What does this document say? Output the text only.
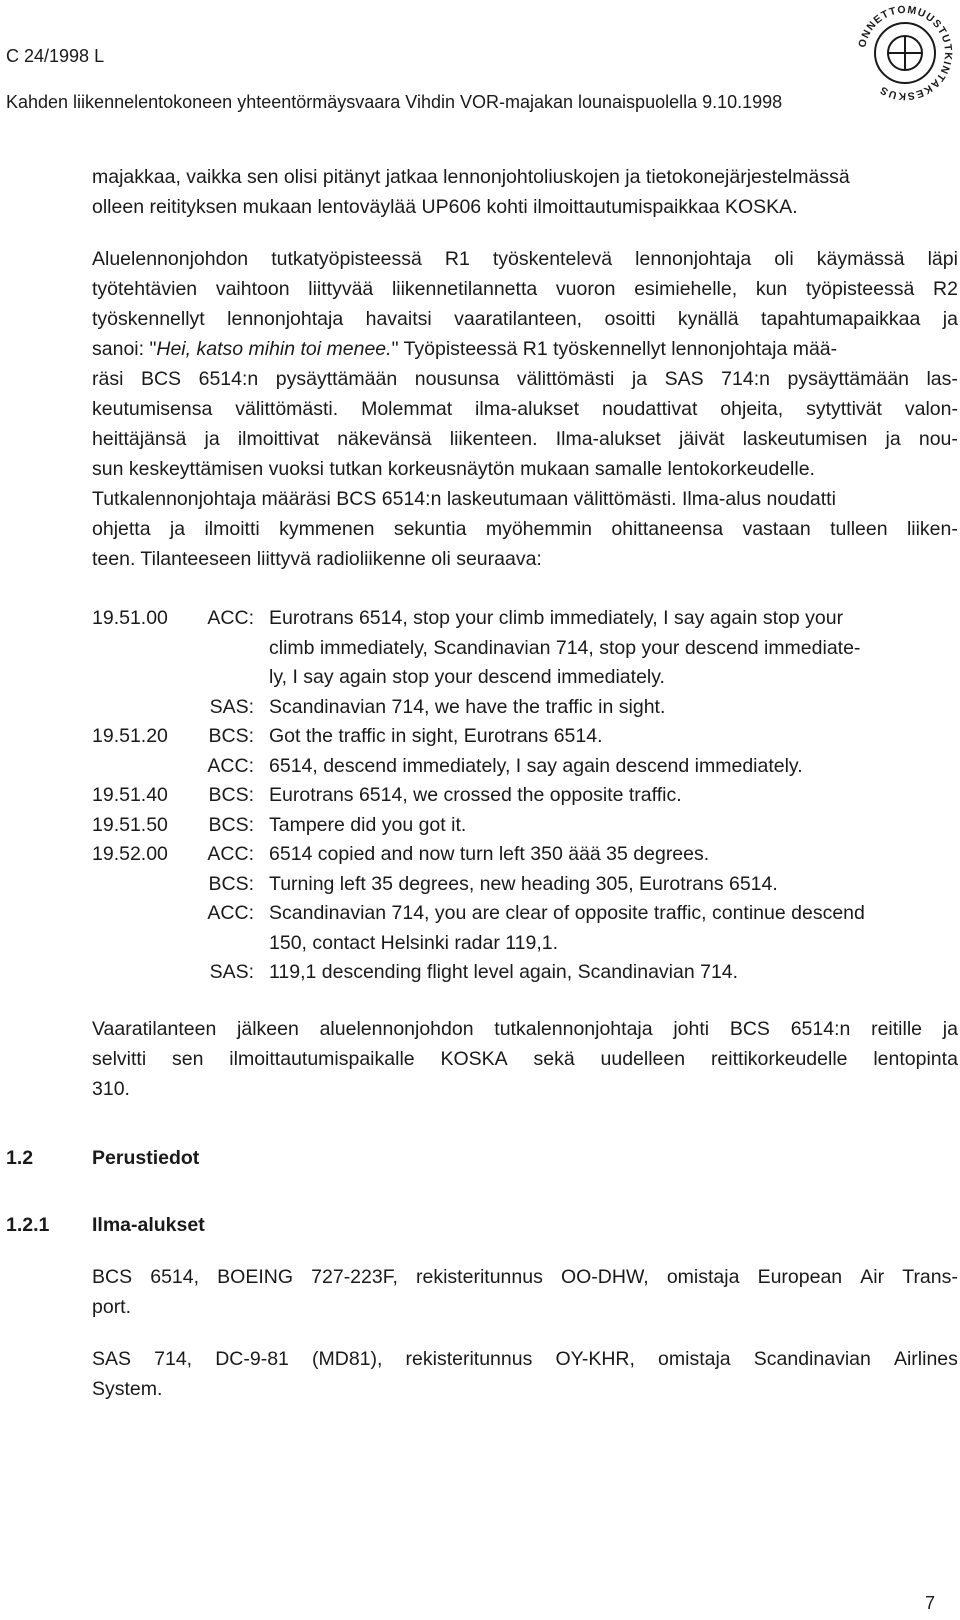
C 24/1998 L
Kahden liikennelentokoneen yhteentörmäysvaara Vihdin VOR-majakan lounaispuolella 9.10.1998
ONNETTOMUUSTUTKINTAKESKUS
majakkaa, vaikka sen olisi pitänyt jatkaa lennonjohtoliuskojen ja tietokonejärjestelmässä
olleen reitityksen mukaan lentoväylää UP606 kohti ilmoittautumispaikkaa KOSKA.
Aluelennonjohdon tutkatyöpisteessä R1 työskentelevä lennonjohtaja oli käymässä läpi
työtehtävien vaihtoon liittyvää liikennetilannetta vuoron esimiehelle, kun työpisteessä R2
työskennellyt lennonjohtaja havaitsi vaaratilanteen, osoitti kynällä tapahtumapaikkaa ja
sanoi: "Hei, katso mihin toi menee." Työpisteessä R1 työskennellyt lennonjohtaja mää-
räsi BCS 6514:n pysäyttämään nousunsa välittömästi ja SAS 714:n pysäyttämään las-
keutumisensa välittömästi. Molemmat ilma-alukset noudattivat ohjeita, sytyttivät valon-
heittäjänsä ja ilmoittivat näkevänsä liikenteen. Ilma-alukset jäivät laskeutumisen ja nou-
sun keskeyttämisen vuoksi tutkan korkeusnäytön mukaan samalle lentokorkeudelle.
Tutkalennonjohtaja määräsi BCS 6514:n laskeutumaan välittömästi. Ilma-alus noudatti
ohjetta ja ilmoitti kymmenen sekuntia myöhemmin ohittaneensa vastaan tulleen liiken-
teen. Tilanteeseen liittyvä radioliikenne oli seuraava:
19.51.00	ACC: Eurotrans 6514, stop your climb immediately, I say again stop your
climb immediately, Scandinavian 714, stop your descend immediate-
ly, I say again stop your descend immediately.
SAS: Scandinavian 714, we have the traffic in sight.
19.51.20	BCS: Got the traffic in sight, Eurotrans 6514.
ACC: 6514, descend immediately, I say again descend immediately.
19.51.40	BCS: Eurotrans 6514, we crossed the opposite traffic.
19.51.50	BCS: Tampere did you got it.
19.52.00	ACC: 6514 copied and now turn left 350 äää 35 degrees.
BCS: Turning left 35 degrees, new heading 305, Eurotrans 6514.
ACC: Scandinavian 714, you are clear of opposite traffic, continue descend
150, contact Helsinki radar 119,1.
SAS: 119,1 descending flight level again, Scandinavian 714.
Vaaratilanteen jälkeen aluelennonjohdon tutkalennonjohtaja johti BCS 6514:n reitille ja
selvitti sen ilmoittautumispaikalle KOSKA sekä uudelleen reittikorkeudelle lentopinta
310.
1.2	Perustiedot
1.2.1 Ilma-alukset
BCS 6514, BOEING 727-223F, rekisteritunnus OO-DHW, omistaja European Air Trans-
port.
SAS 714, DC-9-81 (MD81), rekisteritunnus OY-KHR, omistaja Scandinavian Airlines
System.
7
